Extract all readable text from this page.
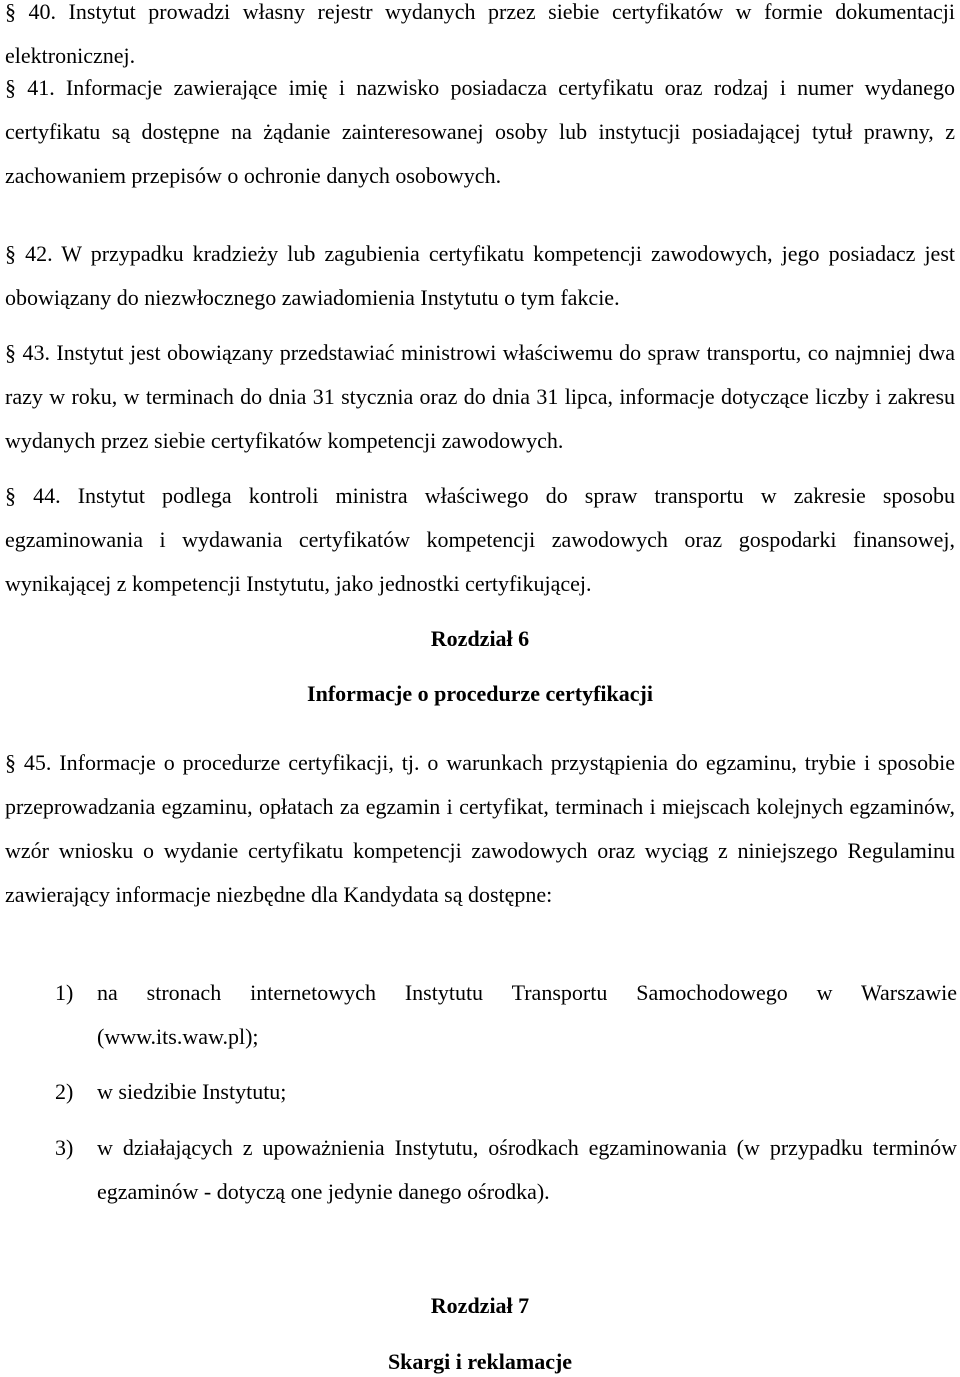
§ 40. Instytut prowadzi własny rejestr wydanych przez siebie certyfikatów w formie dokumentacji elektronicznej.

§ 41. Informacje zawierające imię i nazwisko posiadacza certyfikatu oraz rodzaj i numer wydanego certyfikatu są dostępne na żądanie zainteresowanej osoby lub instytucji posiadającej tytuł prawny, z zachowaniem przepisów o ochronie danych osobowych.

§ 42. W przypadku kradzieży lub zagubienia certyfikatu kompetencji zawodowych, jego posiadacz jest obowiązany do niezwłocznego zawiadomienia Instytutu o tym fakcie.

§ 43. Instytut jest obowiązany przedstawiać ministrowi właściwemu do spraw transportu, co najmniej dwa razy w roku, w terminach do dnia 31 stycznia oraz do dnia 31 lipca, informacje dotyczące liczby i zakresu wydanych przez siebie certyfikatów kompetencji zawodowych.

§ 44. Instytut podlega kontroli ministra właściwego do spraw transportu w zakresie sposobu egzaminowania i wydawania certyfikatów kompetencji zawodowych oraz gospodarki finansowej, wynikającej z kompetencji Instytutu, jako jednostki certyfikującej.

Rozdział 6
Informacje o procedurze certyfikacji

§ 45. Informacje o procedurze certyfikacji, tj. o warunkach przystąpienia do egzaminu, trybie i sposobie przeprowadzania egzaminu, opłatach za egzamin i certyfikat, terminach i miejscach kolejnych egzaminów, wzór wniosku o wydanie certyfikatu kompetencji zawodowych oraz wyciąg z niniejszego Regulaminu zawierający informacje niezbędne dla Kandydata są dostępne:

1) na stronach internetowych Instytutu Transportu Samochodowego w Warszawie (www.its.waw.pl);
2) w siedzibie Instytutu;
3) w działających z upoważnienia Instytutu, ośrodkach egzaminowania (w przypadku terminów egzaminów - dotyczą one jedynie danego ośrodka).
Rozdział 7
Skargi i reklamacje
